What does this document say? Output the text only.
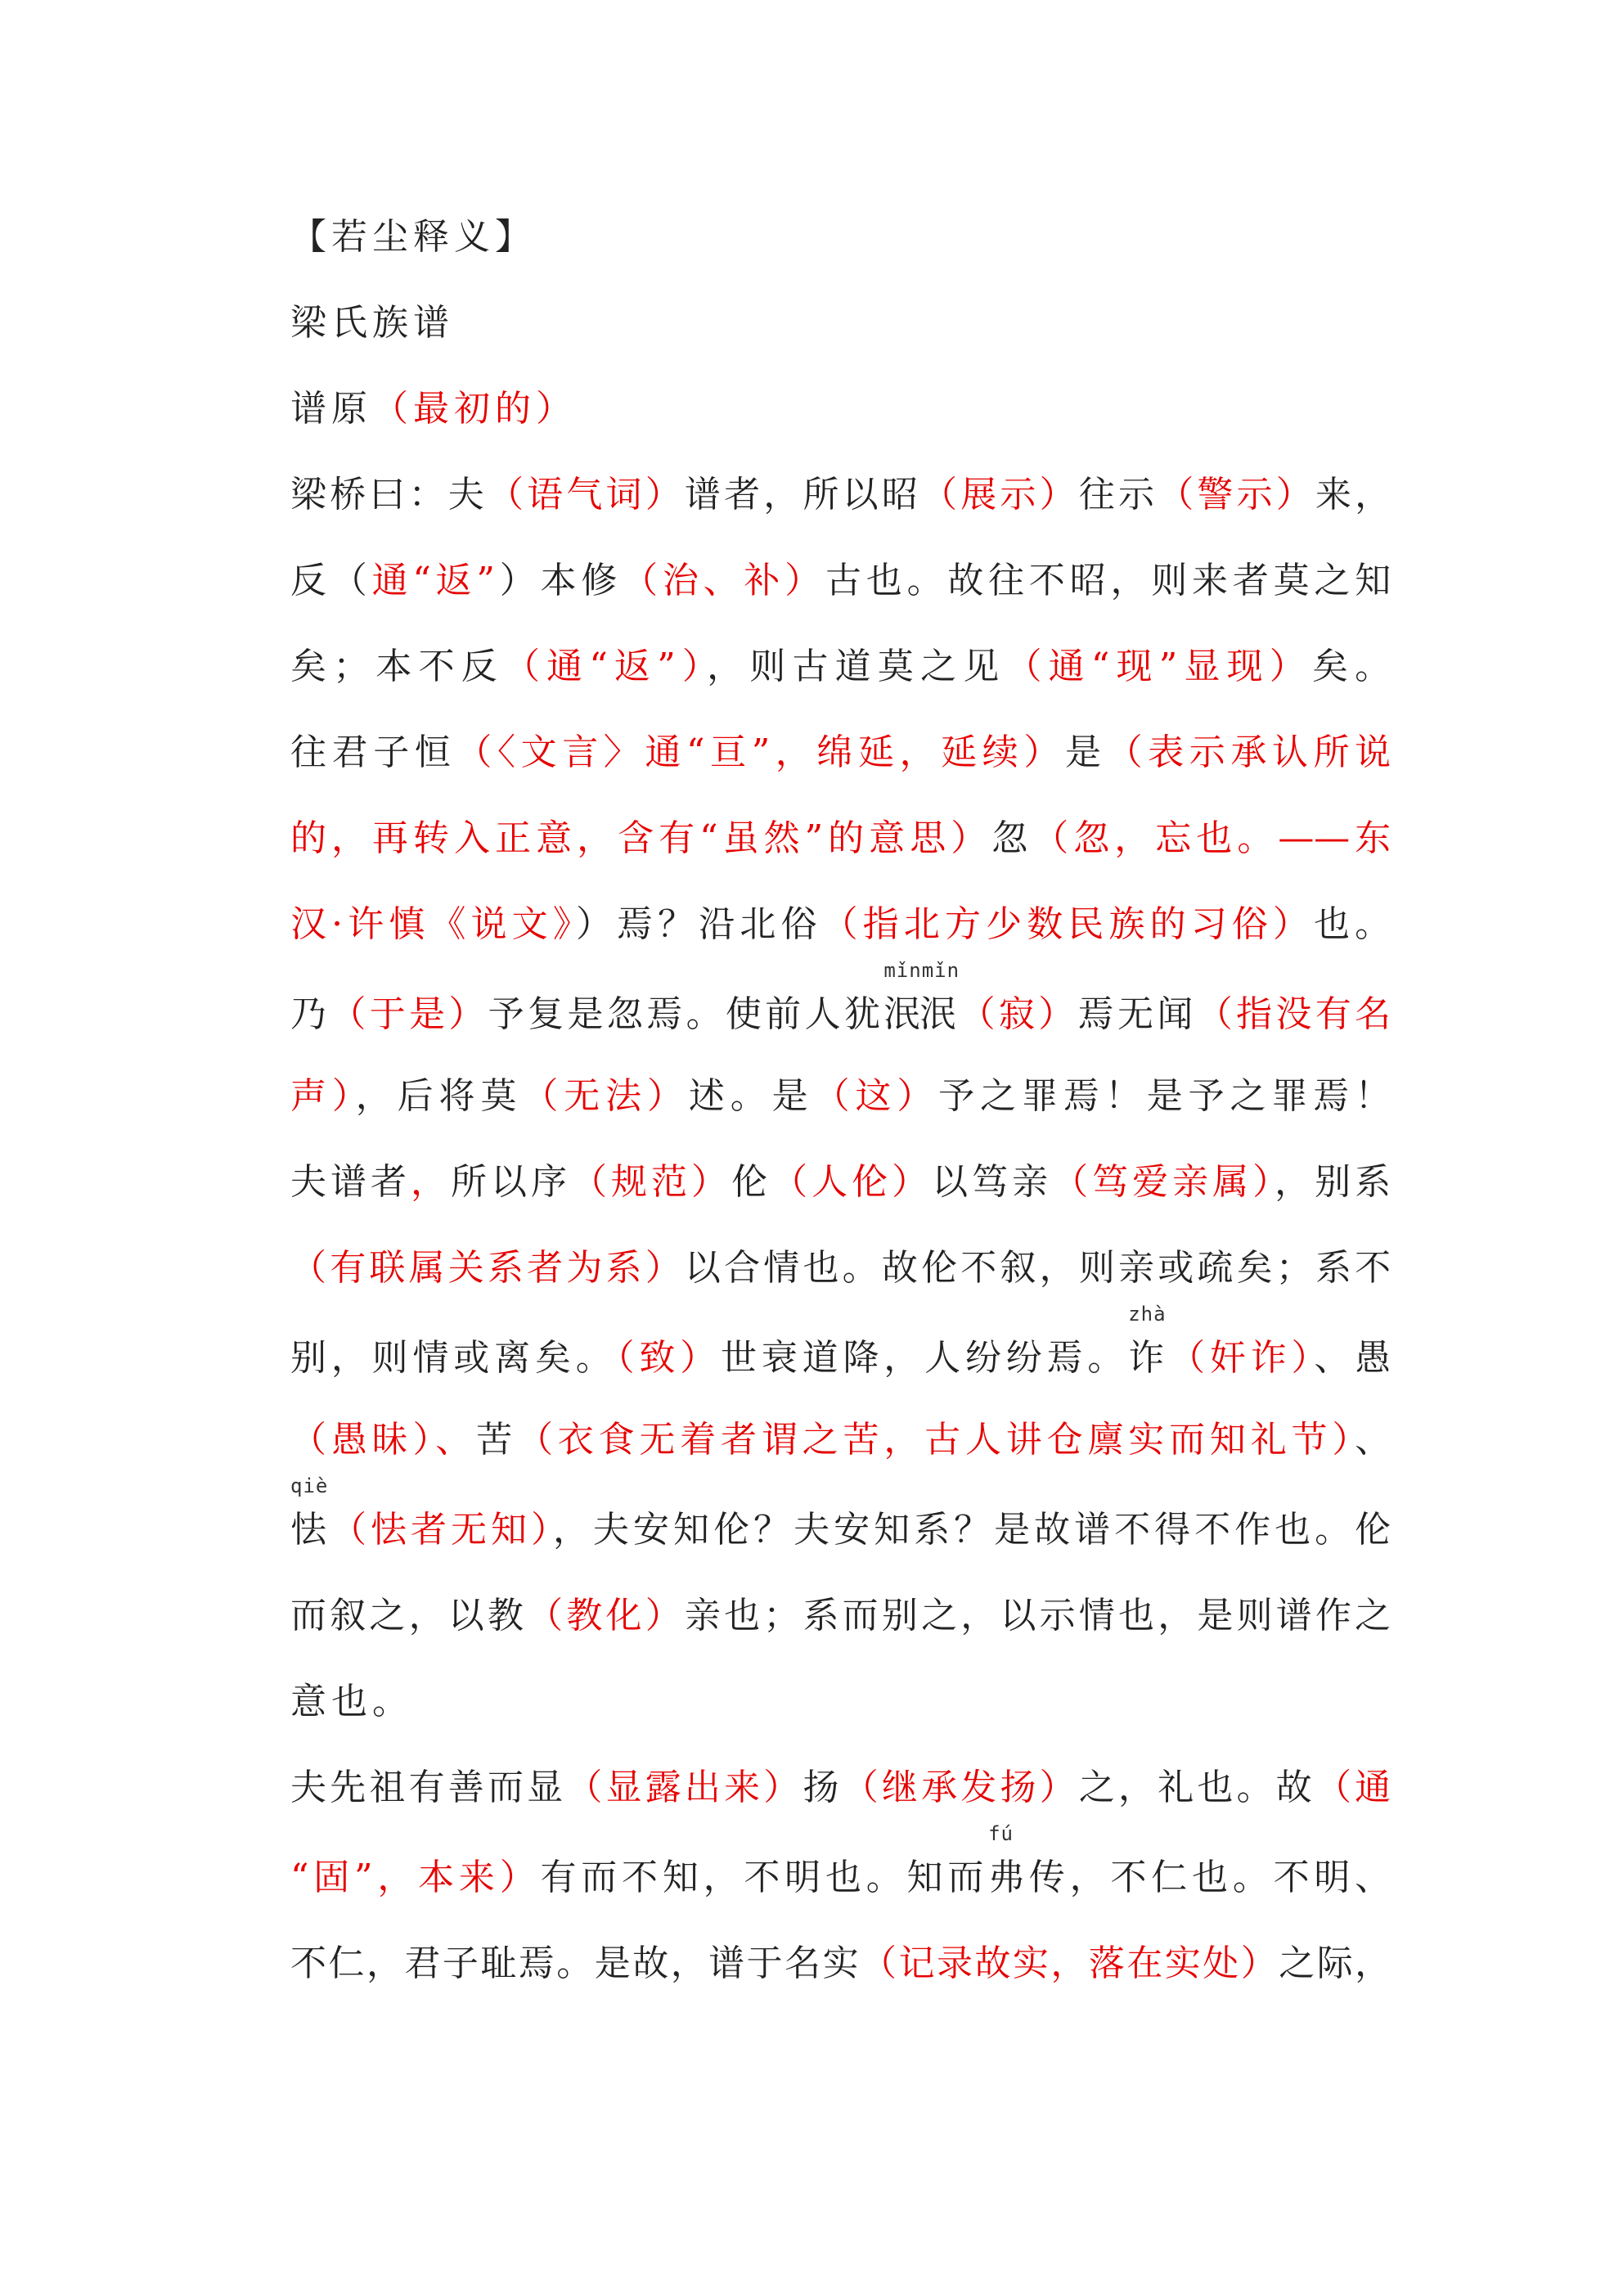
【若尘释义】
梁氏族谱
谱原（最初的）
梁桥曰：夫（语气词）谱者，所以昭（展示）往示（警示）来，
反（通“返”）本修（治、补）古也。故往不昭，则来者莫之知
矣；本不反（通“返”），则古道莫之见（通“现”显现）矣。
往君子恒（〈文言〉通“亘”，绵延，延续）是（表示承认所说
的，再转入正意，含有“虽然”的意思）忽（忽，忘也。——东
汉·许慎《说文》）焉？沿北俗（指北方少数民族的习俗）也。
乃（于是）予复是忽焉。使前人犹
mǐnmǐn
泯泯（寂）焉无闻（指没有名
声），后将莫（无法）述。是（这）予之罪焉！是予之罪焉！
夫谱者，所以序（规范）伦（人伦）以笃亲（笃爱亲属），别系
（有联属关系者为系）以合情也。故伦不叙，则亲或疏矣；系不
别，则情或离矣。（致）世衰道降，人纷纷焉。
zhà
诈（奸诈）、愚
（愚昧）、苦（衣食无着者谓之苦，古人讲仓廪实而知礼节）、
qiè
怯（怯者无知），夫安知伦？夫安知系？是故谱不得不作也。伦
而叙之，以教（教化）亲也；系而别之，以示情也，是则谱作之
意也。
夫先祖有善而显（显露出来）扬（继承发扬）之，礼也。故（通
“固”，本来）有而不知，不明也。知而
fú
弗传，不仁也。不明、
不仁，君子耻焉。是故，谱于名实（记录故实，落在实处）之际，
